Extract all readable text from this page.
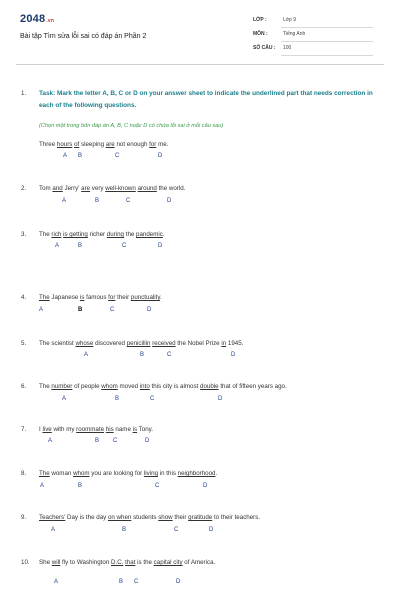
2048.vn
Bài tập Tìm sửa lỗi sai có đáp án Phần 2
LỚP :	Lớp 9
MÔN :	Tiếng Anh
SỐ CÂU : 100
1. Task: Mark the letter A, B, C or D on your answer sheet to indicate the underlined part that needs correction in each of the following questions.
(Chọn một trong bốn đáp án A, B, C hoặc D có chứa lỗi sai ở mỗi câu sau)
Three hours of sleeping are not enough for me.
A B	C	D
2. Tom and Jerry' are very well-known around the world.
A	B	C	D
3. The rich is getting richer during the pandemic.
A	B	C	D
4. The Japanese is famous for their punctuality.
A	B	C	D
5. The scientist whose discovered penicillin received the Nobel Prize in 1945.
A	B	C	D
6. The number of people whom moved into this city is almost double that of fifteen years ago.
A	B	C	D
7. I live with my roommate his name is Tony.
A	B C	D
8. The woman whom you are looking for living in this neighborhood.
A	B	C	D
9. Teachers' Day is the day on when students show their gratitude to their teachers.
A	B	C	D
10. She will fly to Washington D.C. that is the capital city of America.
A	B C	D
